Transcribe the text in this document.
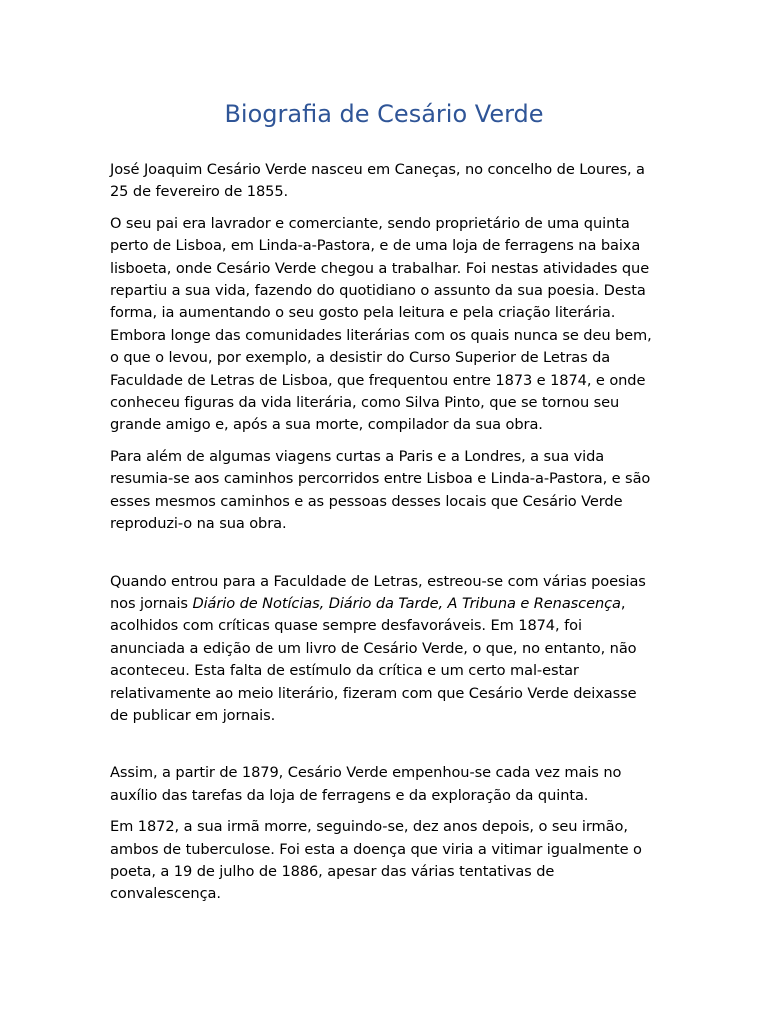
Biografia de Cesário Verde

José Joaquim Cesário Verde nasceu em Caneças, no concelho de Loures, a 25 de fevereiro de 1855.

O seu pai era lavrador e comerciante, sendo proprietário de uma quinta perto de Lisboa, em Linda-a-Pastora, e de uma loja de ferragens na baixa lisboeta, onde Cesário Verde chegou a trabalhar. Foi nestas atividades que repartiu a sua vida, fazendo do quotidiano o assunto da sua poesia. Desta forma, ia aumentando o seu gosto pela leitura e pela criação literária. Embora longe das comunidades literárias com os quais nunca se deu bem, o que o levou, por exemplo, a desistir do Curso Superior de Letras da Faculdade de Letras de Lisboa, que frequentou entre 1873 e 1874, e onde conheceu figuras da vida literária, como Silva Pinto, que se tornou seu grande amigo e, após a sua morte, compilador da sua obra.

Para além de algumas viagens curtas a Paris e a Londres, a sua vida resumia-se aos caminhos percorridos entre Lisboa e Linda-a-Pastora, e são esses mesmos caminhos e as pessoas desses locais que Cesário Verde reproduzi-o na sua obra.

Quando entrou para a Faculdade de Letras, estreou-se com várias poesias nos jornais Diário de Notícias, Diário da Tarde, A Tribuna e Renascença, acolhidos com críticas quase sempre desfavoráveis. Em 1874, foi anunciada a edição de um livro de Cesário Verde, o que, no entanto, não aconteceu. Esta falta de estímulo da crítica e um certo mal-estar relativamente ao meio literário, fizeram com que Cesário Verde deixasse de publicar em jornais.

Assim, a partir de 1879, Cesário Verde empenhou-se cada vez mais no auxílio das tarefas da loja de ferragens e da exploração da quinta.

Em 1872, a sua irmã morre, seguindo-se, dez anos depois, o seu irmão, ambos de tuberculose. Foi esta a doença que viria a vitimar igualmente o poeta, a 19 de julho de 1886, apesar das várias tentativas de convalescença.
